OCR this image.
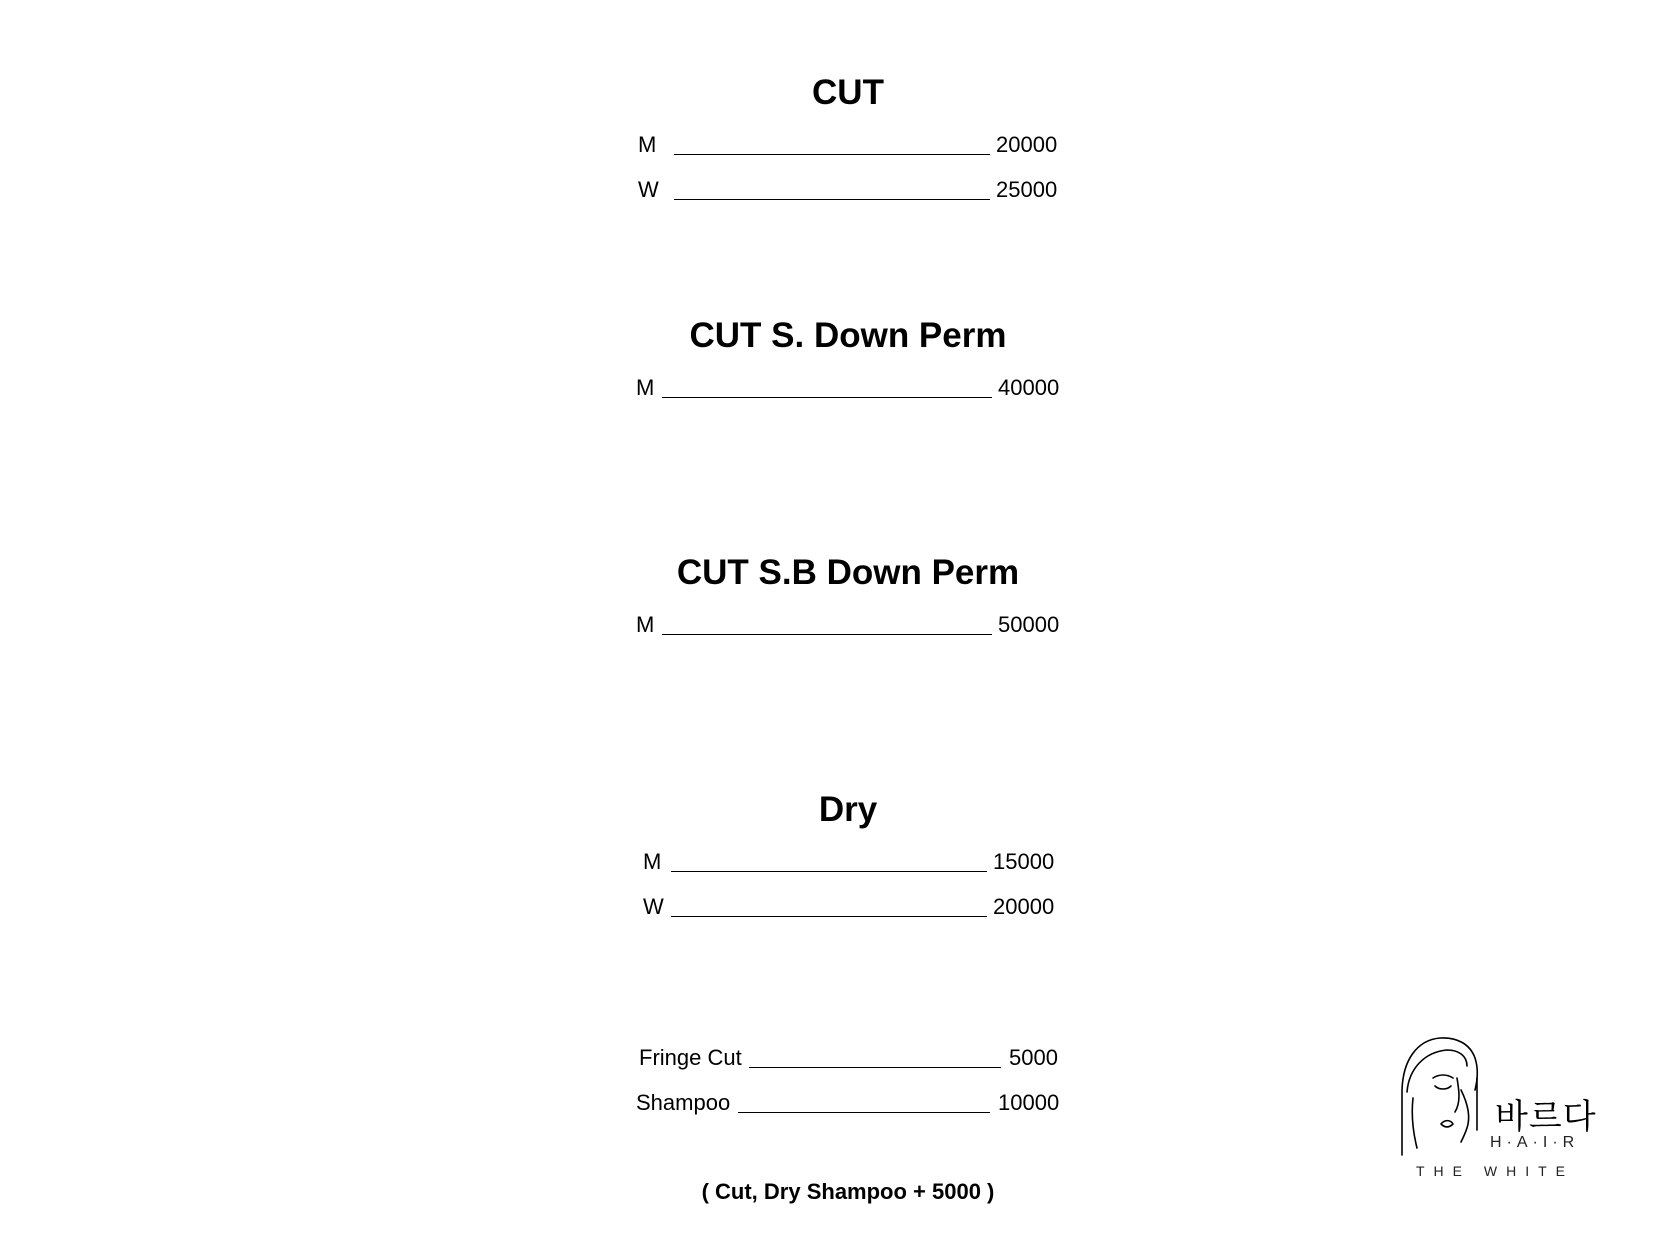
CUT
M	20000
W	25000
CUT S. Down Perm
M	40000
CUT S.B Down Perm
M	50000
Dry
M	15000
W	20000
Fringe Cut	5000
Shampoo	10000
( Cut, Dry Shampoo + 5000 )
바르다
H·A·I·R
THE WHITE
